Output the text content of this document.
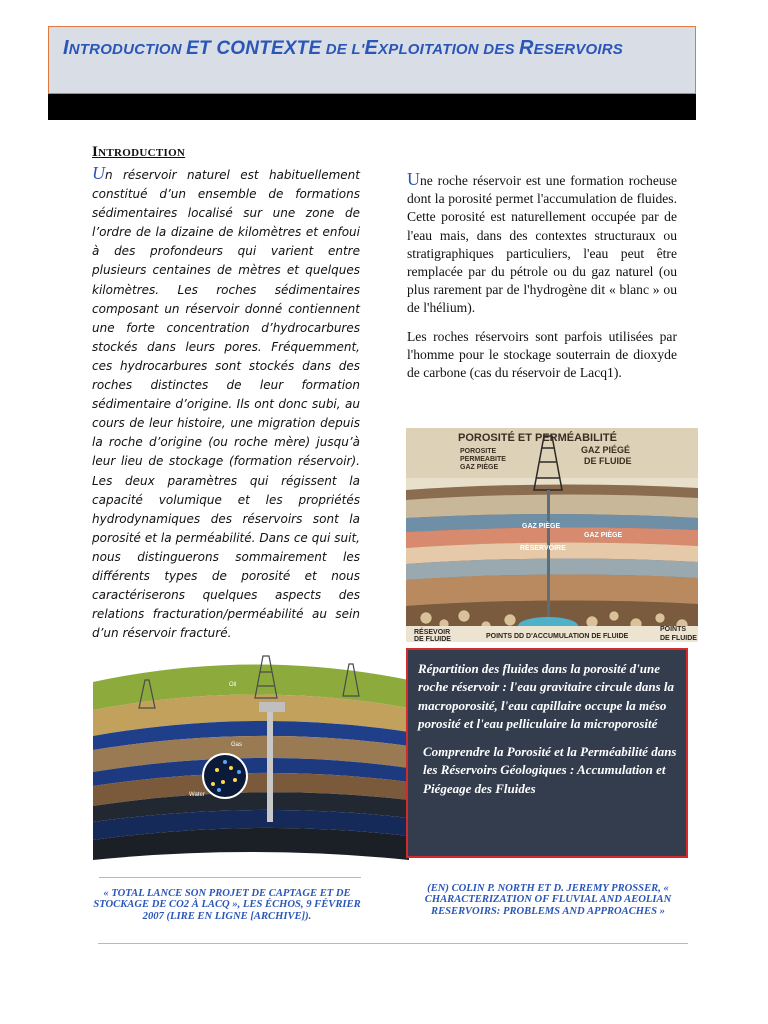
INTRODUCTION ET CONTEXTE DE L'EXPLOITATION DES RESERVOIRS
Introduction

Un réservoir naturel est habituellement constitué d’un ensemble de formations sédimentaires localisé sur une zone de l’ordre de la dizaine de kilomètres et enfoui à des profondeurs qui varient entre plusieurs centaines de mètres et quelques kilomètres. Les roches sédimentaires composant un réservoir donné contiennent une forte concentration d’hydrocarbures stockés dans leurs pores. Fréquemment, ces hydrocarbures sont stockés dans des roches distinctes de leur formation sédimentaire d’origine. Ils ont donc subi, au cours de leur histoire, une migration depuis la roche d’origine (ou roche mère) jusqu’à leur lieu de stockage (formation réservoir). Les deux paramètres qui régissent la capacité volumique et les propriétés hydrodynamiques des réservoirs sont la porosité et la perméabilité. Dans ce qui suit, nous distinguerons sommairement les différents types de porosité et nous caractériserons quelques aspects des relations fracturation/perméabilité au sein d’un réservoir fracturé.

Une roche réservoir est une formation rocheuse dont la porosité permet l'accumulation de fluides. Cette porosité est naturellement occupée par de l'eau mais, dans des contextes structuraux ou stratigraphiques particuliers, l'eau peut être remplacée par du pétrole ou du gaz naturel (ou plus rarement par de l'hydrogène dit « blanc » ou de l'hélium).

Les roches réservoirs sont parfois utilisées par l'homme pour le stockage souterrain de dioxyde de carbone (cas du réservoir de Lacq1).

POROSITÉ ET PERMÉABILITÉ
POROSITE
PERMEABITE
GAZ PIÈGE
GAZ PIÉGÉ
DE FLUIDE
GAZ PIÈGE
RÉSERVOIRE
GAZ PIÈGE
RÉSEVOIR
DE FLUIDE	POINTS DD D'ACCUMULATION DE FLUIDE
POINTS
DE FLUIDE
Gas
Oil
Water

Répartition des fluides dans la porosité d'une roche réservoir : l'eau gravitaire circule dans la macroporosité, l'eau capillaire occupe la méso porosité et l'eau pelliculaire la microporosité

Comprendre la Porosité et la Perméabilité dans les Réservoirs Géologiques : Accumulation et Piégeage des Fluides

« TOTAL LANCE SON PROJET DE CAPTAGE ET DE STOCKAGE DE CO2 À LACQ », LES ÉCHOS, 9 FÉVRIER 2007 (LIRE EN LIGNE [ARCHIVE]).
(EN) COLIN P. NORTH ET D. JEREMY PROSSER, « CHARACTERIZATION OF FLUVIAL AND AEOLIAN RESERVOIRS: PROBLEMS AND APPROACHES »
